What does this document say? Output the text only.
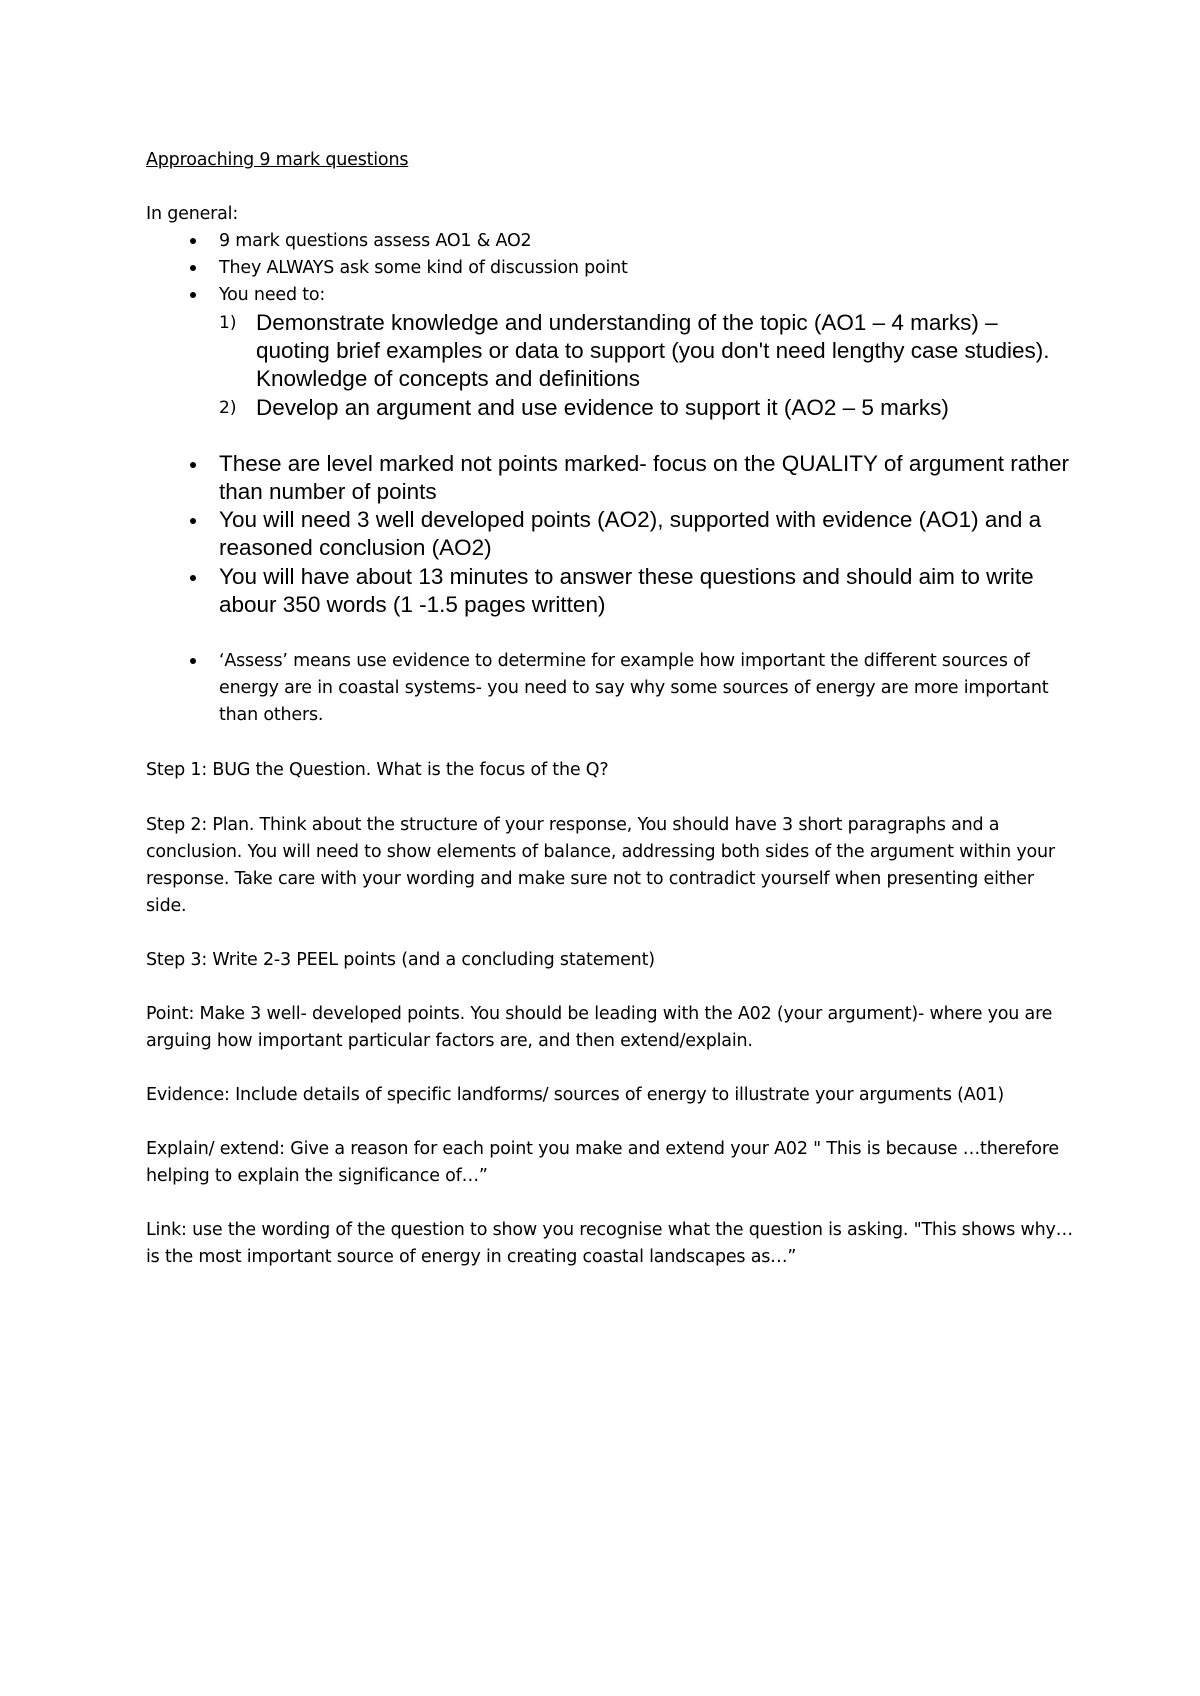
Approaching 9 mark questions
In general:
9 mark questions assess AO1 & AO2
They ALWAYS ask some kind of discussion point
You need to:
1) Demonstrate knowledge and understanding of the topic (AO1 – 4 marks) – quoting brief examples or data to support (you don't need lengthy case studies). Knowledge of concepts and definitions
2) Develop an argument and use evidence to support it (AO2 – 5 marks)
These are level marked not points marked- focus on the QUALITY of argument rather than number of points
You will need 3 well developed points (AO2), supported with evidence (AO1) and a reasoned conclusion (AO2)
You will have about 13 minutes to answer these questions and should aim to write abour 350 words (1 -1.5 pages written)
‘Assess’ means use evidence to determine for example how important the different sources of energy are in coastal systems- you need to say why some sources of energy are more important than others.
Step 1: BUG the Question. What is the focus of the Q?
Step 2: Plan. Think about the structure of your response, You should have 3 short paragraphs and a conclusion. You will need to show elements of balance, addressing both sides of the argument within your response. Take care with your wording and make sure not to contradict yourself when presenting either side.
Step 3: Write 2-3 PEEL points (and a concluding statement)
Point: Make 3 well- developed points. You should be leading with the A02 (your argument)- where you are arguing how important particular factors are, and then extend/explain.
Evidence: Include details of specific landforms/ sources of energy to illustrate your arguments (A01)
Explain/ extend: Give a reason for each point you make and extend your A02 " This is because …therefore helping to explain the significance of…”
Link: use the wording of the question to show you recognise what the question is asking. "This shows why… is the most important source of energy in creating coastal landscapes as…”
